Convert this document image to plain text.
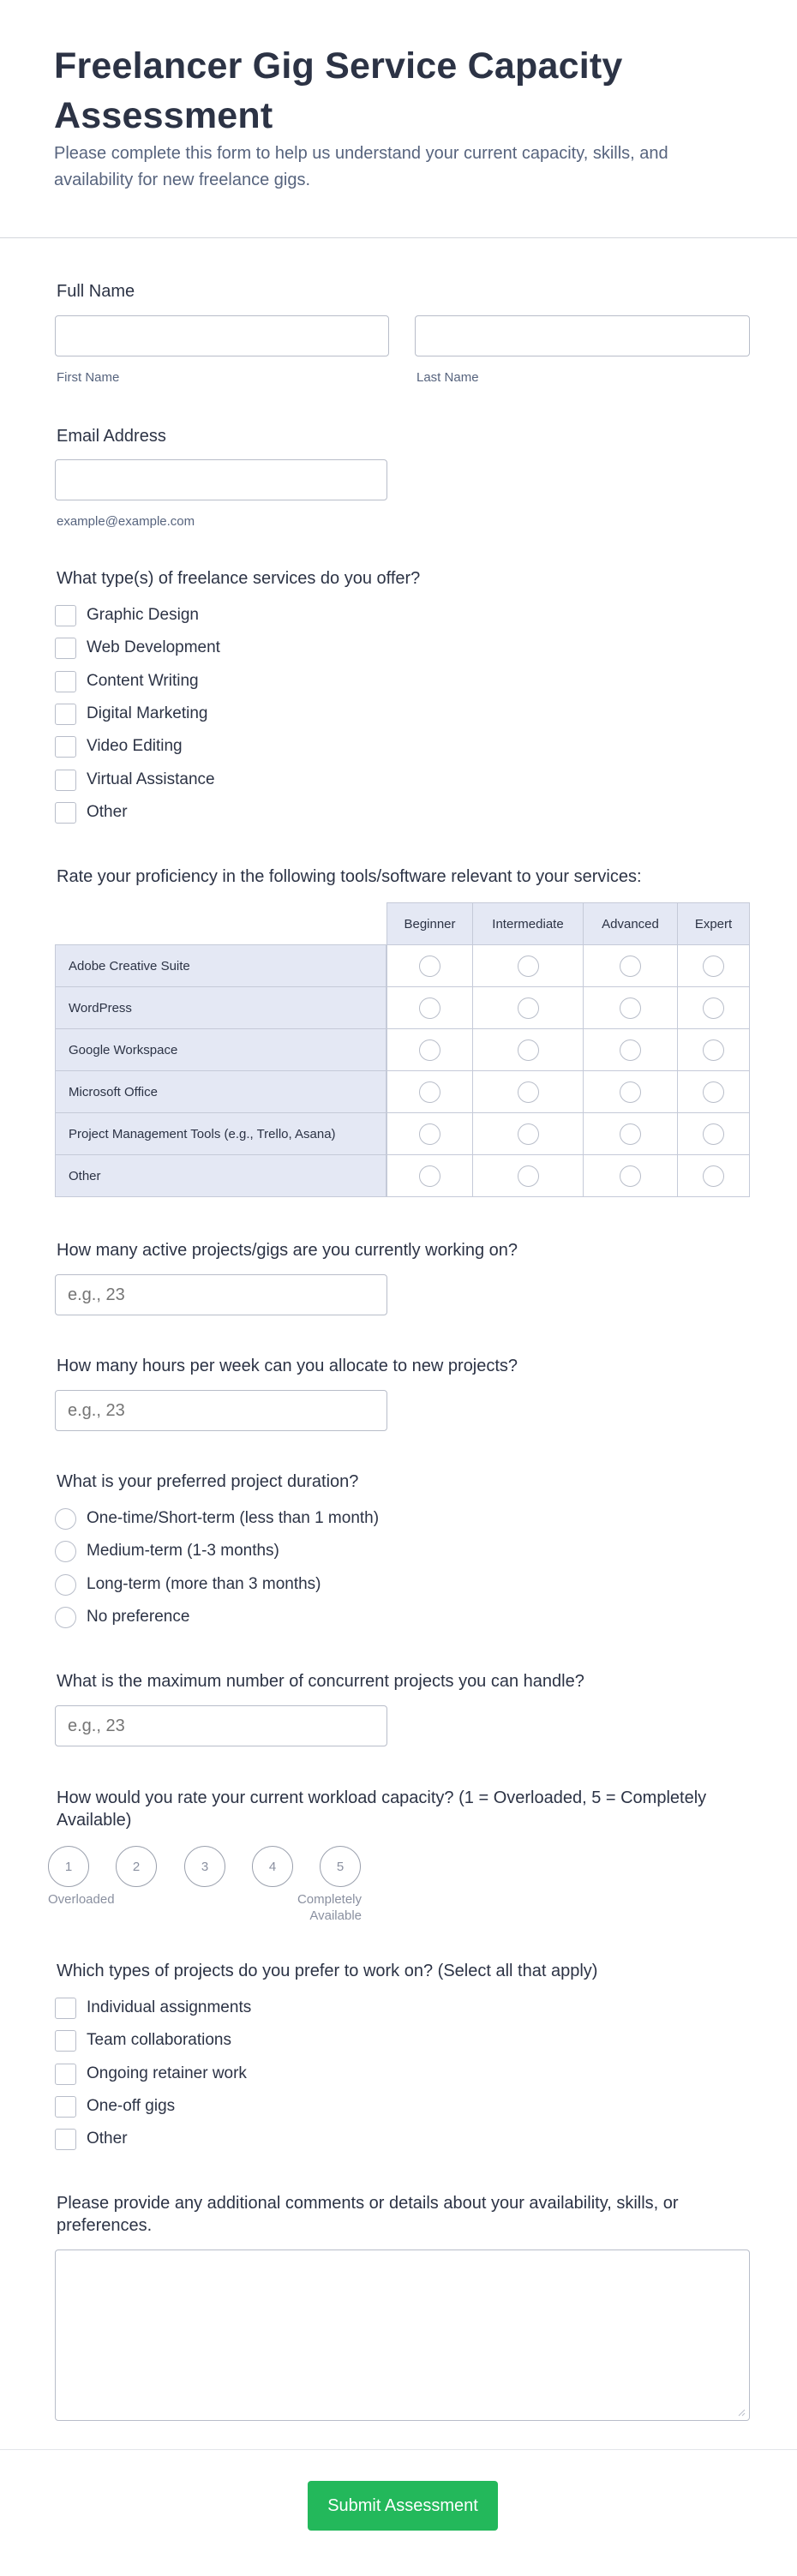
Freelancer Gig Service Capacity Assessment
Please complete this form to help us understand your current capacity, skills, and availability for new freelance gigs.
Full Name
First Name	Last Name
Email Address
example@example.com
What type(s) of freelance services do you offer?
Graphic Design
Web Development
Content Writing
Digital Marketing
Video Editing
Virtual Assistance
Other
Rate your proficiency in the following tools/software relevant to your services:
Beginner	Intermediate	Advanced	Expert
Adobe Creative Suite
WordPress
Google Workspace
Microsoft Office
Project Management Tools (e.g., Trello, Asana)
Other
How many active projects/gigs are you currently working on?
e.g., 23
How many hours per week can you allocate to new projects?
e.g., 23
What is your preferred project duration?
One-time/Short-term (less than 1 month)
Medium-term (1-3 months)
Long-term (more than 3 months)
No preference
What is the maximum number of concurrent projects you can handle?
e.g., 23
How would you rate your current workload capacity? (1 = Overloaded, 5 = Completely Available)
1	2	3	4	5
Overloaded	Completely
Available
Which types of projects do you prefer to work on? (Select all that apply)
Individual assignments
Team collaborations
Ongoing retainer work
One-off gigs
Other
Please provide any additional comments or details about your availability, skills, or preferences.
Submit Assessment
